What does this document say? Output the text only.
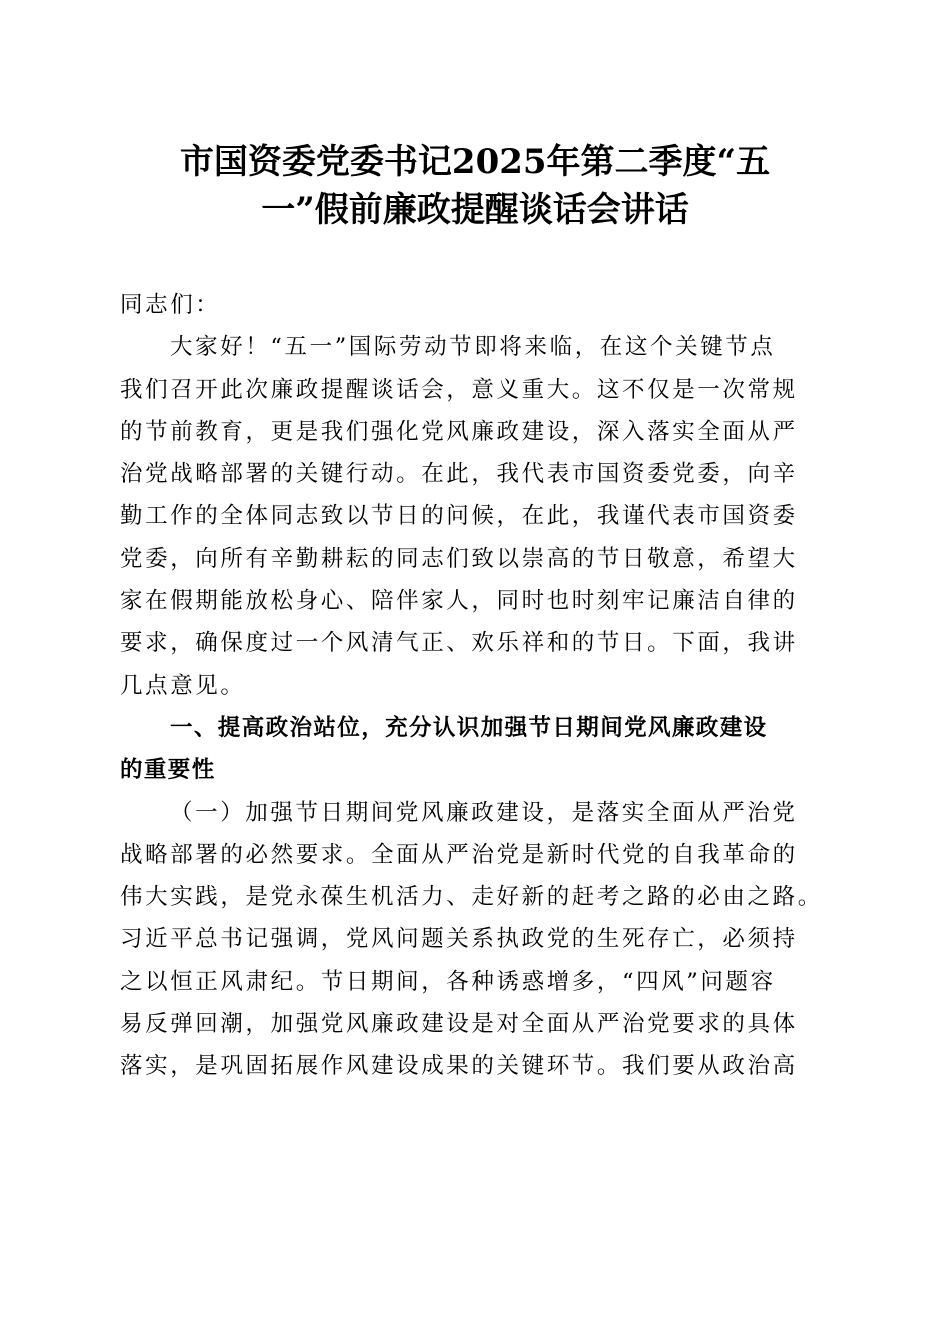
市国资委党委书记2025年第二季度“五
一”假前廉政提醒谈话会讲话
同志们：
大家好！“五一”国际劳动节即将来临，在这个关键节点
我们召开此次廉政提醒谈话会，意义重大。这不仅是一次常规
的节前教育，更是我们强化党风廉政建设，深入落实全面从严
治党战略部署的关键行动。在此，我代表市国资委党委，向辛
勤工作的全体同志致以节日的问候，在此，我谨代表市国资委
党委，向所有辛勤耕耘的同志们致以崇高的节日敬意，希望大
家在假期能放松身心、陪伴家人，同时也时刻牢记廉洁自律的
要求，确保度过一个风清气正、欢乐祥和的节日。下面，我讲
几点意见。
一、提高政治站位，充分认识加强节日期间党风廉政建设
的重要性
（一）加强节日期间党风廉政建设，是落实全面从严治党
战略部署的必然要求。全面从严治党是新时代党的自我革命的
伟大实践，是党永葆生机活力、走好新的赶考之路的必由之路。
习近平总书记强调，党风问题关系执政党的生死存亡，必须持
之以恒正风肃纪。节日期间，各种诱惑增多，“四风”问题容
易反弹回潮，加强党风廉政建设是对全面从严治党要求的具体
落实，是巩固拓展作风建设成果的关键环节。我们要从政治高
